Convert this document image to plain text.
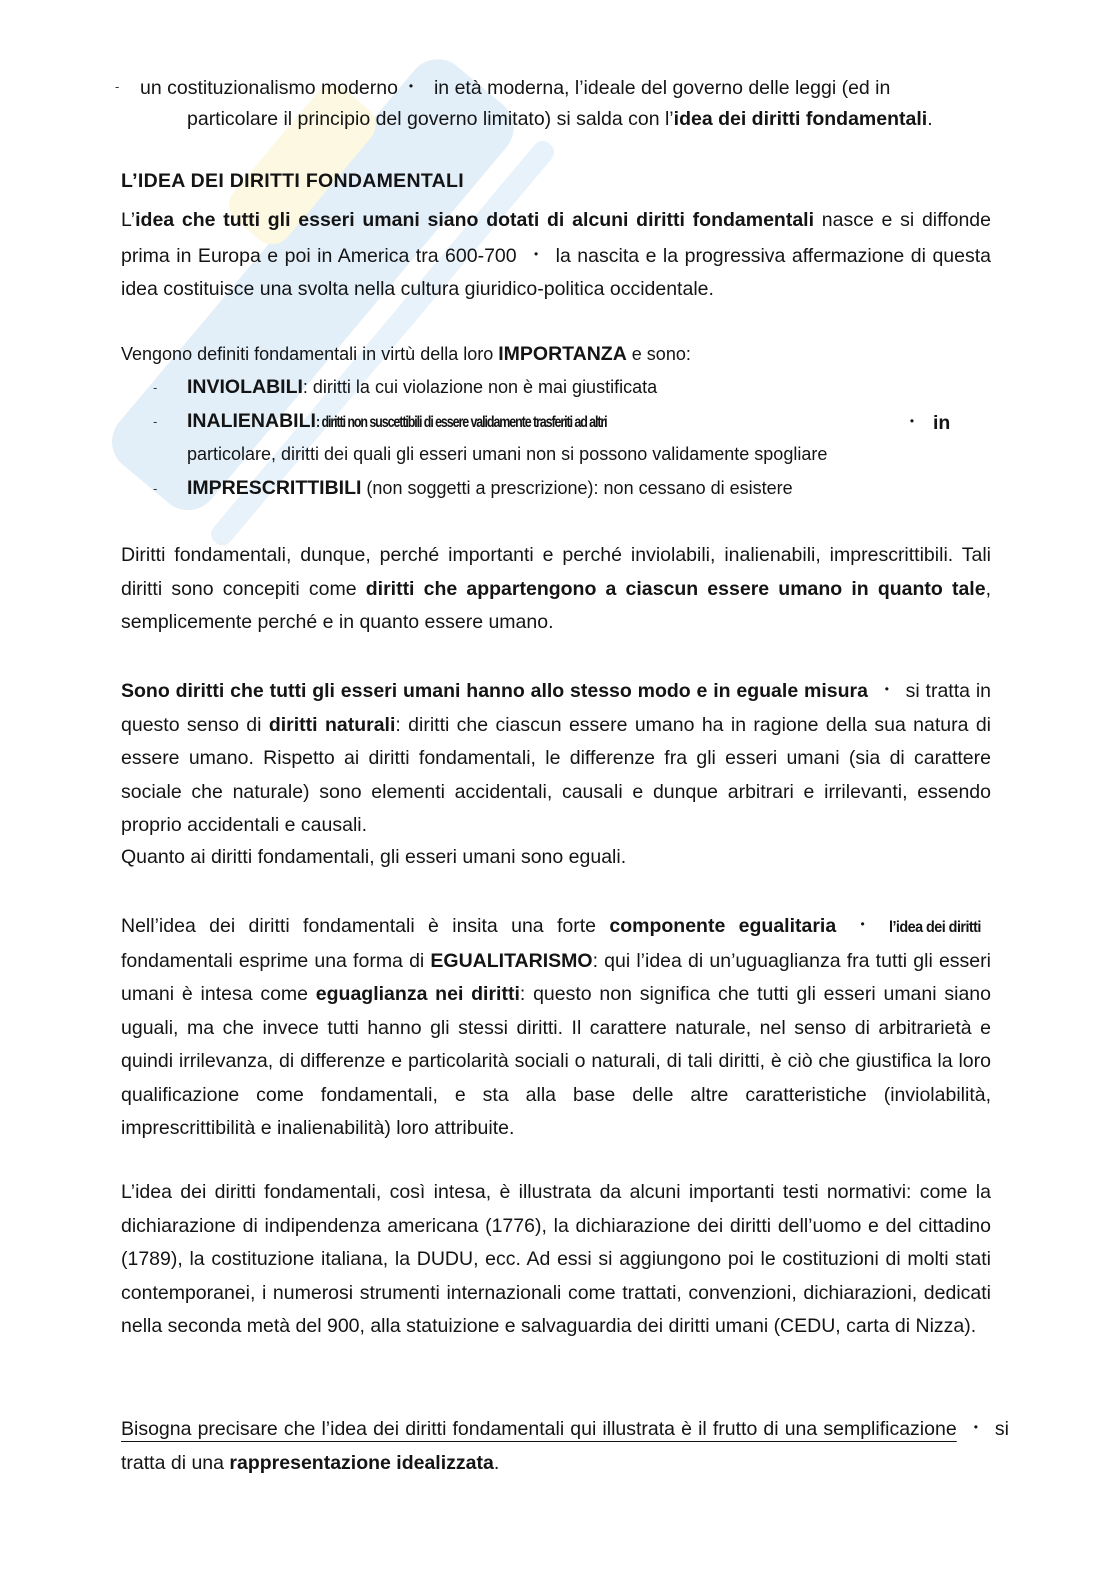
- un costituzionalismo moderno • in età moderna, l’ideale del governo delle leggi (ed in
particolare il principio del governo limitato) si salda con l’idea dei diritti fondamentali.
L’IDEA DEI DIRITTI FONDAMENTALI

L’idea che tutti gli esseri umani siano dotati di alcuni diritti fondamentali nasce e si diffonde prima in Europa e poi in America tra 600-700 • la nascita e la progressiva affermazione di questa idea costituisce una svolta nella cultura giuridico-politica occidentale.

Vengono definiti fondamentali in virtù della loro IMPORTANZA e sono:

- INVIOLABILI: diritti la cui violazione non è mai giustificata
- INALIENABILI: diritti non suscettibili di essere validamente trasferiti ad altri	• in
particolare, diritti dei quali gli esseri umani non si possono validamente spogliare
- IMPRESCRITTIBILI (non soggetti a prescrizione): non cessano di esistere

Diritti fondamentali, dunque, perché importanti e perché inviolabili, inalienabili, imprescrittibili. Tali diritti sono concepiti come diritti che appartengono a ciascun essere umano in quanto tale, semplicemente perché e in quanto essere umano.

Sono diritti che tutti gli esseri umani hanno allo stesso modo e in eguale misura • si tratta in questo senso di diritti naturali: diritti che ciascun essere umano ha in ragione della sua natura di essere umano. Rispetto ai diritti fondamentali, le differenze fra gli esseri umani (sia di carattere sociale che naturale) sono elementi accidentali, causali e dunque arbitrari e irrilevanti, essendo proprio accidentali e causali.

Quanto ai diritti fondamentali, gli esseri umani sono eguali.

Nell’idea dei diritti fondamentali è insita una forte componente egualitaria • l’idea dei diritti fondamentali esprime una forma di EGUALITARISMO: qui l’idea di un’uguaglianza fra tutti gli esseri umani è intesa come eguaglianza nei diritti: questo non significa che tutti gli esseri umani siano uguali, ma che invece tutti hanno gli stessi diritti. Il carattere naturale, nel senso di arbitrarietà e quindi irrilevanza, di differenze e particolarità sociali o naturali, di tali diritti, è ciò che giustifica la loro qualificazione come fondamentali, e sta alla base delle altre caratteristiche (inviolabilità, imprescrittibilità e inalienabilità) loro attribuite.

L’idea dei diritti fondamentali, così intesa, è illustrata da alcuni importanti testi normativi: come la dichiarazione di indipendenza americana (1776), la dichiarazione dei diritti dell’uomo e del cittadino (1789), la costituzione italiana, la DUDU, ecc. Ad essi si aggiungono poi le costituzioni di molti stati contemporanei, i numerosi strumenti internazionali come trattati, convenzioni, dichiarazioni, dedicati nella seconda metà del 900, alla statuizione e salvaguardia dei diritti umani (CEDU, carta di Nizza).

Bisogna precisare che l’idea dei diritti fondamentali qui illustrata è il frutto di una semplificazione • si tratta di una rappresentazione idealizzata.
